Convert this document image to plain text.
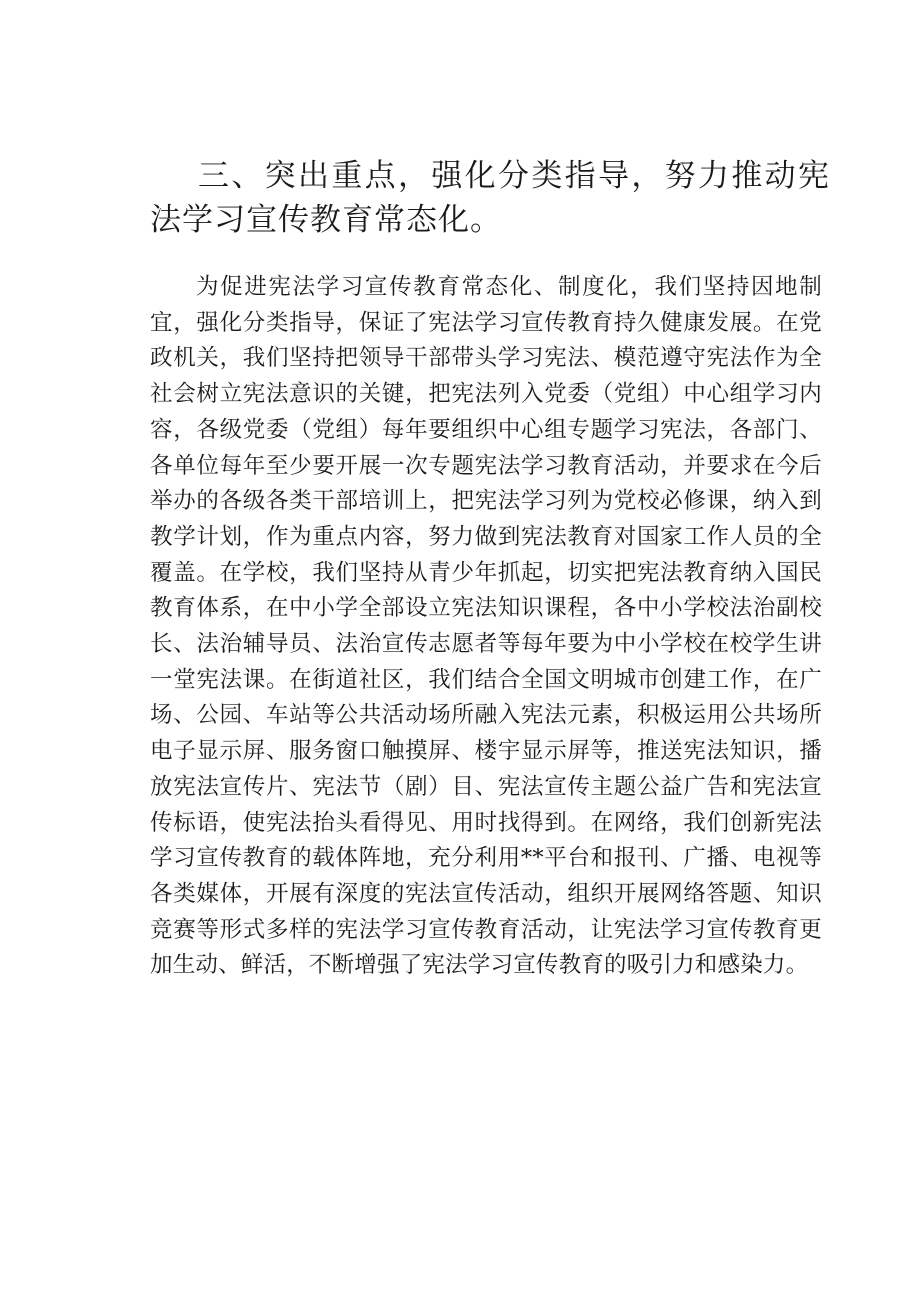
三、突出重点，强化分类指导，努力推动宪法学习宣传教育常态化。

为促进宪法学习宣传教育常态化、制度化，我们坚持因地制宜，强化分类指导，保证了宪法学习宣传教育持久健康发展。在党政机关，我们坚持把领导干部带头学习宪法、模范遵守宪法作为全社会树立宪法意识的关键，把宪法列入党委（党组）中心组学习内容，各级党委（党组）每年要组织中心组专题学习宪法，各部门、各单位每年至少要开展一次专题宪法学习教育活动，并要求在今后举办的各级各类干部培训上，把宪法学习列为党校必修课，纳入到教学计划，作为重点内容，努力做到宪法教育对国家工作人员的全覆盖。在学校，我们坚持从青少年抓起，切实把宪法教育纳入国民教育体系，在中小学全部设立宪法知识课程，各中小学校法治副校长、法治辅导员、法治宣传志愿者等每年要为中小学校在校学生讲一堂宪法课。在街道社区，我们结合全国文明城市创建工作，在广场、公园、车站等公共活动场所融入宪法元素，积极运用公共场所电子显示屏、服务窗口触摸屏、楼宇显示屏等，推送宪法知识，播放宪法宣传片、宪法节（剧）目、宪法宣传主题公益广告和宪法宣传标语，使宪法抬头看得见、用时找得到。在网络，我们创新宪法学习宣传教育的载体阵地，充分利用**平台和报刊、广播、电视等各类媒体，开展有深度的宪法宣传活动，组织开展网络答题、知识竞赛等形式多样的宪法学习宣传教育活动，让宪法学习宣传教育更加生动、鲜活，不断增强了宪法学习宣传教育的吸引力和感染力。
